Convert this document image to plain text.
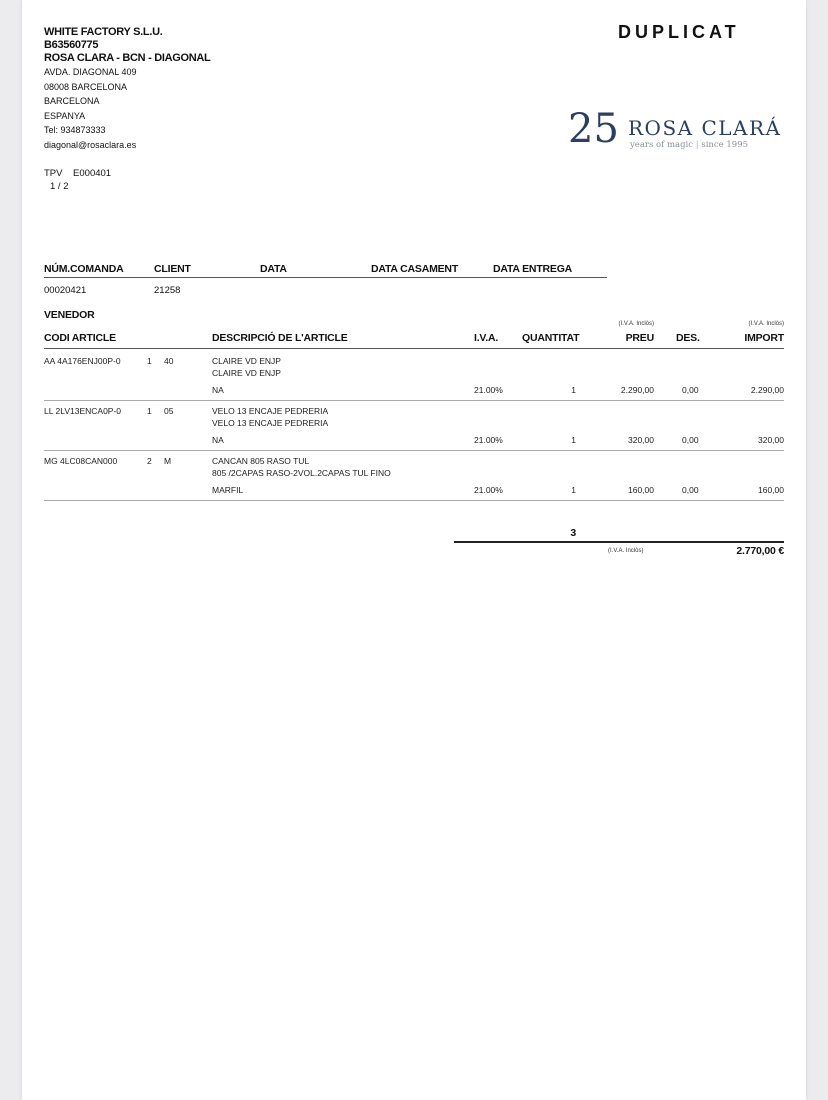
WHITE FACTORY S.L.U.
B63560775
ROSA CLARA - BCN - DIAGONAL
AVDA. DIAGONAL 409
08008 BARCELONA
BARCELONA
ESPANYA
Tel: 934873333
diagonal@rosaclara.es
DUPLICAT
25 ROSA CLARÁ
years of magic | since 1995
TPV E000401
1 / 2
NÚM.COMANDA	CLIENT	DATA	DATA CASAMENT	DATA ENTREGA
00020421	21258
VENEDOR
(I.V.A. Inclòs)	(I.V.A. Inclòs)
CODI ARTICLE	DESCRIPCIÓ DE L'ARTICLE	I.V.A. QUANTITAT	PREU DES.	IMPORT
AA 4A176ENJ00P-0	1 40	CLAIRE VD ENJP
CLAIRE VD ENJP
NA	21.00%	1	2.290,00	0,00	2.290,00
LL 2LV13ENCA0P-0	1 05	VELO 13 ENCAJE PEDRERIA
VELO 13 ENCAJE PEDRERIA
NA	21.00%	1	320,00	0,00	320,00
MG 4LC08CAN000	2 M	CANCAN 805 RASO TUL
805 /2CAPAS RASO-2VOL.2CAPAS TUL FINO
MARFIL	21.00%	1	160,00	0,00	160,00
3
(I.V.A. Inclòs)	2.770,00 €
